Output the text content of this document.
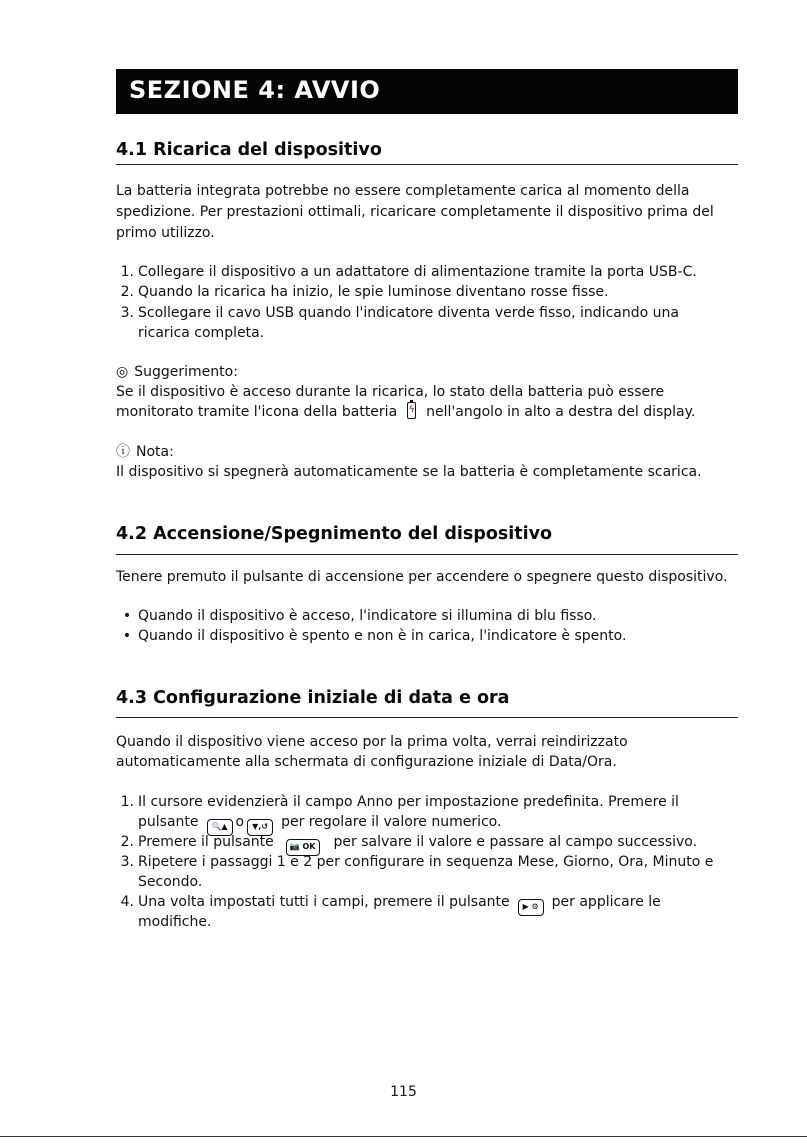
SEZIONE 4: AVVIO
4.1 Ricarica del dispositivo
La batteria integrata potrebbe no essere completamente carica al momento della
spedizione. Per prestazioni ottimali, ricaricare completamente il dispositivo prima del
primo utilizzo.
1. Collegare il dispositivo a un adattatore di alimentazione tramite la porta USB-C.
2. Quando la ricarica ha inizio, le spie luminose diventano rosse fisse.
3. Scollegare il cavo USB quando l'indicatore diventa verde fisso, indicando una
ricarica completa.
◎ Suggerimento:
Se il dispositivo è acceso durante la ricarica, lo stato della batteria può essere
monitorato tramite l'icona della batteria ϟ nell'angolo in alto a destra del display.
ⓘ Nota:
Il dispositivo si spegnerà automaticamente se la batteria è completamente scarica.
4.2 Accensione/Spegnimento del dispositivo
Tenere premuto il pulsante di accensione per accendere o spegnere questo dispositivo.
• Quando il dispositivo è acceso, l'indicatore si illumina di blu fisso.
• Quando il dispositivo è spento e non è in carica, l'indicatore è spento.
4.3 Configurazione iniziale di data e ora
Quando il dispositivo viene acceso por la prima volta, verrai reindirizzato
automaticamente alla schermata di configurazione iniziale di Data/Ora.
1. Il cursore evidenzierà il campo Anno per impostazione predefinita. Premere il
pulsante 🔍▲ o ▼,↺ per regolare il valore numerico.
2. Premere il pulsante 📷 OK per salvare il valore e passare al campo successivo.
3. Ripetere i passaggi 1 e 2 per configurare in sequenza Mese, Giorno, Ora, Minuto e
Secondo.
4. Una volta impostati tutti i campi, premere il pulsante ▶ ⚙ per applicare le
modifiche.
115
